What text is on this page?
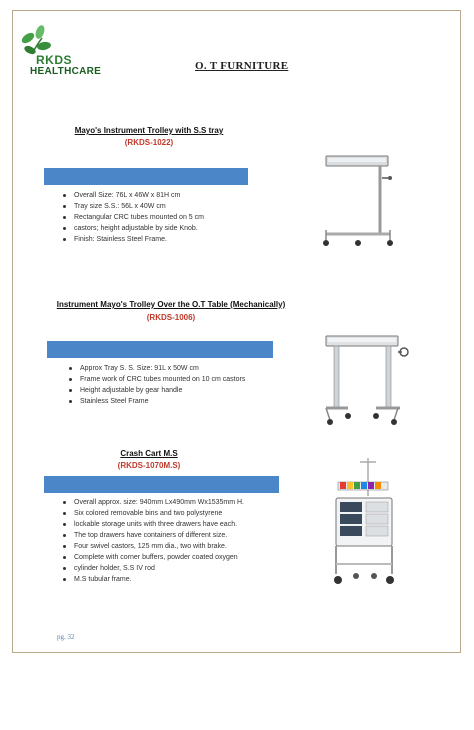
RKDS
HEALTHCARE	O. T FURNITURE
Mayo's Instrument Trolley with S.S tray
(RKDS-1022)
Overall Size: 76L x 46W x 81H cm
Tray size S.S.: 56L x 40W cm
Rectangular CRC tubes mounted on 5 cm
castors; height adjustable by side Knob.
Finish: Stainless Steel Frame.
Instrument Mayo's Trolley Over the O.T Table (Mechanically)
(RKDS-1006)
Approx Tray S. S. Size: 91L x 50W cm
Frame work of CRC tubes mounted on 10 cm castors
Height adjustable by gear handle
Stainless Steel Frame
Crash Cart M.S
(RKDS-1070M.S)
Overall approx. size: 940mm Lx490mm Wx1535mm H.
Six colored removable bins and two polystyrene
lockable storage units with three drawers have each.
The top drawers have containers of different size.
Four swivel castors, 125 mm dia., two with brake.
Complete with corner buffers, powder coated oxygen
cylinder holder, S.S IV rod
M.S tubular frame.
pg. 32
